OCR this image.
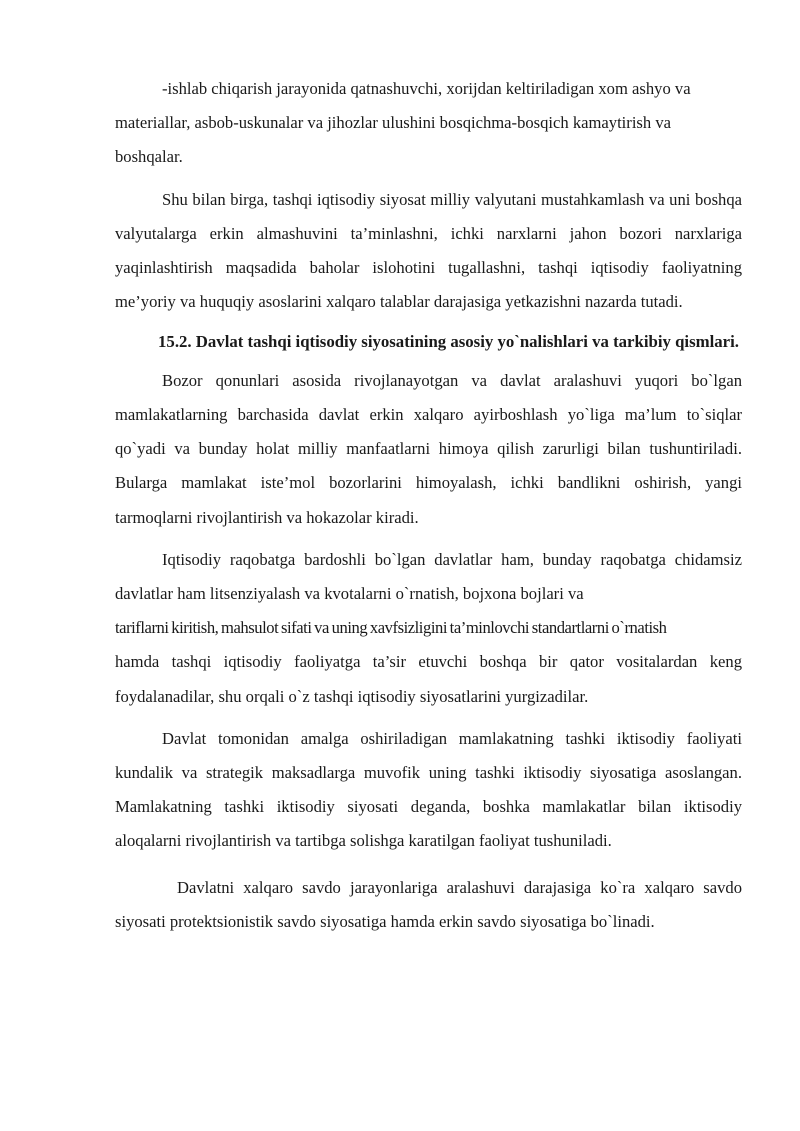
-ishlab chiqarish jarayonida qatnashuvchi, xorijdan keltiriladigan xom ashyo va materiallar, asbob-uskunalar va jihozlar ulushini bosqichma-bosqich kamaytirish va boshqalar.

Shu bilan birga, tashqi iqtisodiy siyosat milliy valyutani mustahkamlash va uni boshqa valyutalarga erkin almashuvini ta’minlashni, ichki narxlarni jahon bozori narxlariga yaqinlashtirish maqsadida baholar islohotini tugallashni, tashqi iqtisodiy faoliyatning me’yoriy va huquqiy asoslarini xalqaro talablar darajasiga yetkazishni nazarda tutadi.

15.2. Davlat tashqi iqtisodiy siyosatining asosiy yo`nalishlari va tarkibiy qismlari.

Bozor qonunlari asosida rivojlanayotgan va davlat aralashuvi yuqori bo`lgan mamlakatlarning barchasida davlat erkin xalqaro ayirboshlash yo`liga ma’lum to`siqlar qo`yadi va bunday holat milliy manfaatlarni himoya qilish zarurligi bilan tushuntiriladi. Bularga mamlakat iste’mol bozorlarini himoyalash, ichki bandlikni oshirish, yangi tarmoqlarni rivojlantirish va hokazolar kiradi.

Iqtisodiy raqobatga bardoshli bo`lgan davlatlar ham, bunday raqobatga chidamsiz davlatlar ham litsenziyalash va kvotalarni o`rnatish, bojxona bojlari va

tariflarni kiritish, mahsulot sifati va uning xavfsizligini ta’minlovchi standartlarni o`rnatish

hamda tashqi iqtisodiy faoliyatga ta’sir etuvchi boshqa bir qator vositalardan keng foydalanadilar, shu orqali o`z tashqi iqtisodiy siyosatlarini yurgizadilar.

Davlat tomonidan amalga oshiriladigan mamlakatning tashki iktisodiy faoliyati kundalik va strategik maksadlarga muvofik uning tashki iktisodiy siyosatiga asoslangan. Mamlakatning tashki iktisodiy siyosati deganda, boshka mamlakatlar bilan iktisodiy aloqalarni rivojlantirish va tartibga solishga karatilgan faoliyat tushuniladi.

Davlatni xalqaro savdo jarayonlariga aralashuvi darajasiga ko`ra xalqaro savdo siyosati protektsionistik savdo siyosatiga hamda erkin savdo siyosatiga bo`linadi.
